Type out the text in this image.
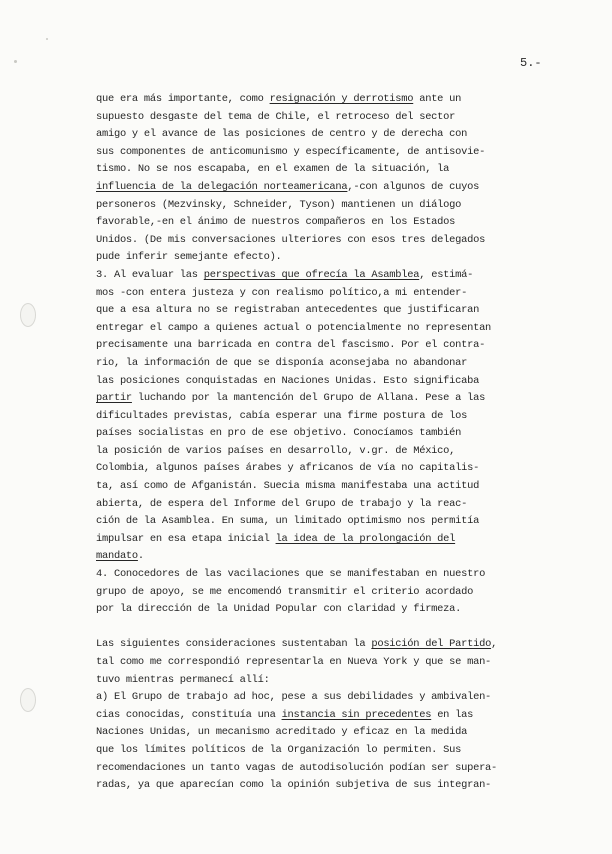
5.-
que era más importante, como resignación y derrotismo ante un
supuesto desgaste del tema de Chile, el retroceso del sector
amigo y el avance de las posiciones de centro y de derecha con
sus componentes de anticomunismo y específicamente, de antisovie-
tismo. No se nos escapaba, en el examen de la situación, la
influencia de la delegación norteamericana,-con algunos de cuyos
personeros (Mezvinsky, Schneider, Tyson) mantienen un diálogo
favorable,-en el ánimo de nuestros compañeros en los Estados
Unidos. (De mis conversaciones ulteriores con esos tres delegados
pude inferir semejante efecto).
3. Al evaluar las perspectivas que ofrecía la Asamblea, estimá-
mos -con entera justeza y con realismo político,a mi entender-
que a esa altura no se registraban antecedentes que justificaran
entregar el campo a quienes actual o potencialmente no representan
precisamente una barricada en contra del fascismo. Por el contra-
rio, la información de que se disponía aconsejaba no abandonar
las posiciones conquistadas en Naciones Unidas. Esto significaba
partir luchando por la mantención del Grupo de Allana. Pese a las
dificultades previstas, cabía esperar una firme postura de los
países socialistas en pro de ese objetivo. Conocíamos también
la posición de varios países en desarrollo, v.gr. de México,
Colombia, algunos países árabes y africanos de vía no capitalis-
ta, así como de Afganistán. Suecia misma manifestaba una actitud
abierta, de espera del Informe del Grupo de trabajo y la reac-
ción de la Asamblea. En suma, un limitado optimismo nos permitía
impulsar en esa etapa inicial la idea de la prolongación del
mandato.
4. Conocedores de las vacilaciones que se manifestaban en nuestro
grupo de apoyo, se me encomendó transmitir el criterio acordado
por la dirección de la Unidad Popular con claridad y firmeza.
Las siguientes consideraciones sustentaban la posición del Partido,
tal como me correspondió representarla en Nueva York y que se man-
tuvo mientras permanecí allí:
a) El Grupo de trabajo ad hoc, pese a sus debilidades y ambivalen-
cias conocidas, constituía una instancia sin precedentes en las
Naciones Unidas, un mecanismo acreditado y eficaz en la medida
que los límites políticos de la Organización lo permiten. Sus
recomendaciones un tanto vagas de autodisolución podían ser supera-
radas, ya que aparecían como la opinión subjetiva de sus integran-
